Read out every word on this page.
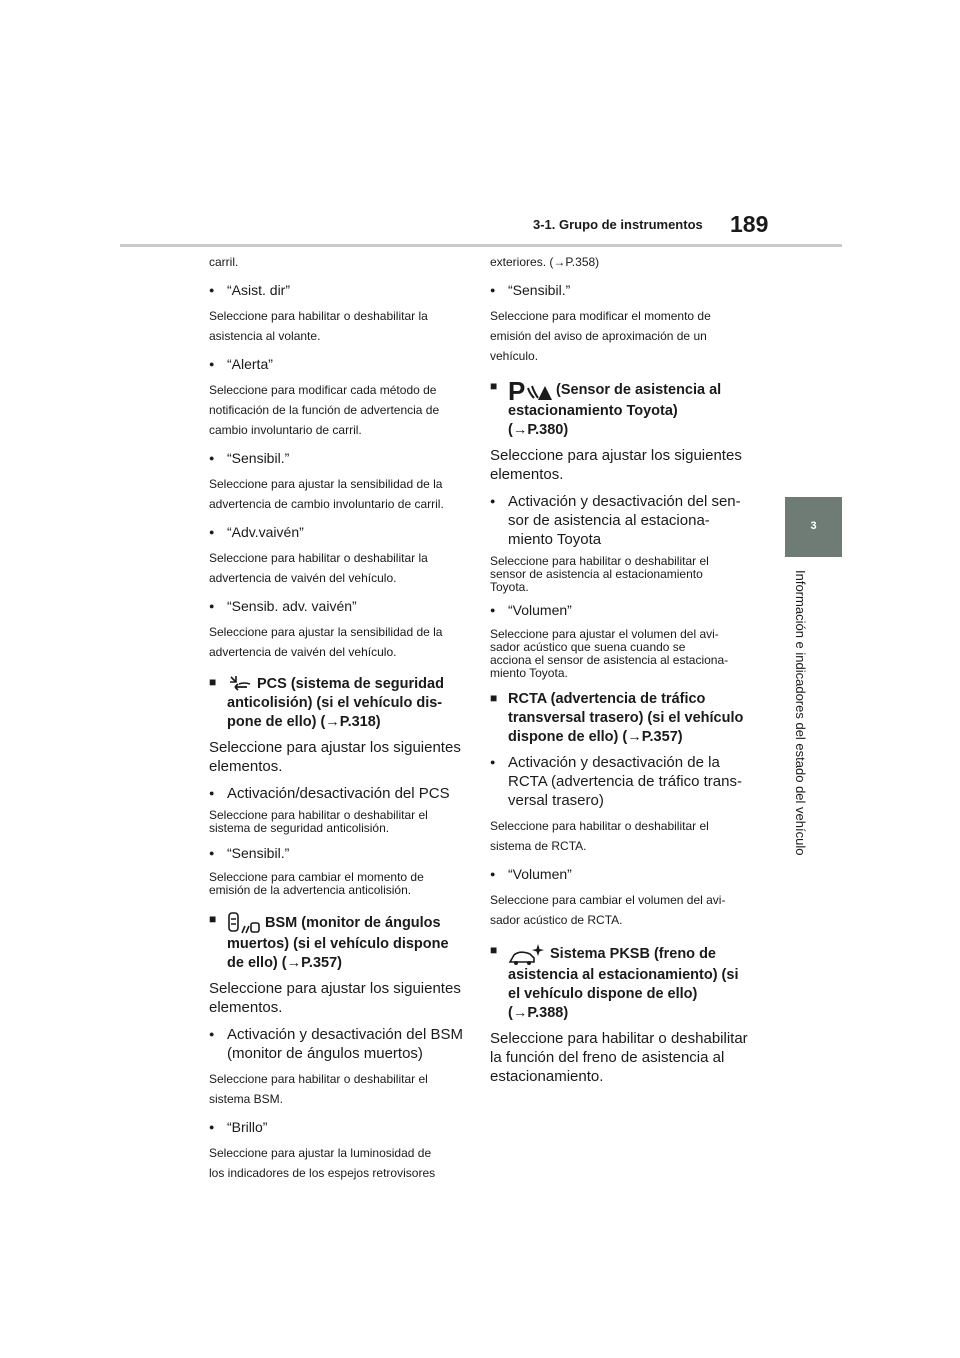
3-1. Grupo de instrumentos 189
3
Información e indicadores del estado del vehículo

carril.

●
“Asist. dir”

Seleccione para habilitar o deshabilitar la

asistencia al volante.

●
“Alerta”

Seleccione para modificar cada método de

notificación de la función de advertencia de

cambio involuntario de carril.

●
“Sensibil.”

Seleccione para ajustar la sensibilidad de la

advertencia de cambio involuntario de carril.

●
“Adv.vaivén”

Seleccione para habilitar o deshabilitar la

advertencia de vaivén del vehículo.

●
“Sensib. adv. vaivén”

Seleccione para ajustar la sensibilidad de la

advertencia de vaivén del vehículo.

■
PCS (sistema de seguridad
anticolisión) (si el vehículo dis-
pone de ello) (→P.318)

Seleccione para ajustar los siguientes

elementos.

●
Activación/desactivación del PCS

Seleccione para habilitar o deshabilitar el

sistema de seguridad anticolisión.

●
“Sensibil.”

Seleccione para cambiar el momento de

emisión de la advertencia anticolisión.

■
BSM (monitor de ángulos
muertos) (si el vehículo dispone
de ello) (→P.357)

Seleccione para ajustar los siguientes

elementos.

●
Activación y desactivación del BSM
(monitor de ángulos muertos)

Seleccione para habilitar o deshabilitar el

sistema BSM.

●
“Brillo”

Seleccione para ajustar la luminosidad de

los indicadores de los espejos retrovisores

exteriores. (→P.358)

●
“Sensibil.”

Seleccione para modificar el momento de

emisión del aviso de aproximación de un

vehículo.

■
P (Sensor de asistencia al
estacionamiento Toyota)
(→P.380)

Seleccione para ajustar los siguientes

elementos.

●
Activación y desactivación del sen-
sor de asistencia al estaciona-
miento Toyota

Seleccione para habilitar o deshabilitar el

sensor de asistencia al estacionamiento

Toyota.

●
“Volumen”

Seleccione para ajustar el volumen del avi-

sador acústico que suena cuando se

acciona el sensor de asistencia al estaciona-

miento Toyota.

■
RCTA (advertencia de tráfico
transversal trasero) (si el vehículo
dispone de ello) (→P.357)
●
Activación y desactivación de la
RCTA (advertencia de tráfico trans-
versal trasero)

Seleccione para habilitar o deshabilitar el

sistema de RCTA.

●
“Volumen”

Seleccione para cambiar el volumen del avi-

sador acústico de RCTA.

■
Sistema PKSB (freno de
asistencia al estacionamiento) (si
el vehículo dispone de ello)
(→P.388)

Seleccione para habilitar o deshabilitar

la función del freno de asistencia al

estacionamiento.
